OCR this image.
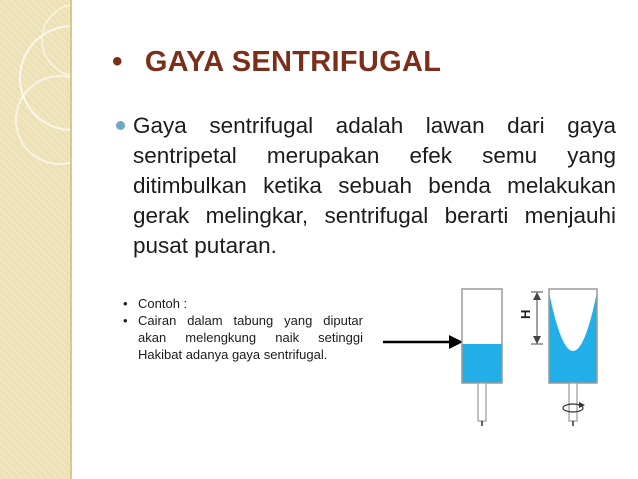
• GAYA SENTRIFUGAL
Gaya sentrifugal adalah lawan dari gaya sentripetal merupakan efek semu yang ditimbulkan ketika sebuah benda melakukan gerak melingkar, sentrifugal berarti menjauhi pusat putaran.
• Contoh :
• Cairan dalam tabung yang diputar akan melengkung naik setinggi Hakibat adanya gaya sentrifugal.
H
